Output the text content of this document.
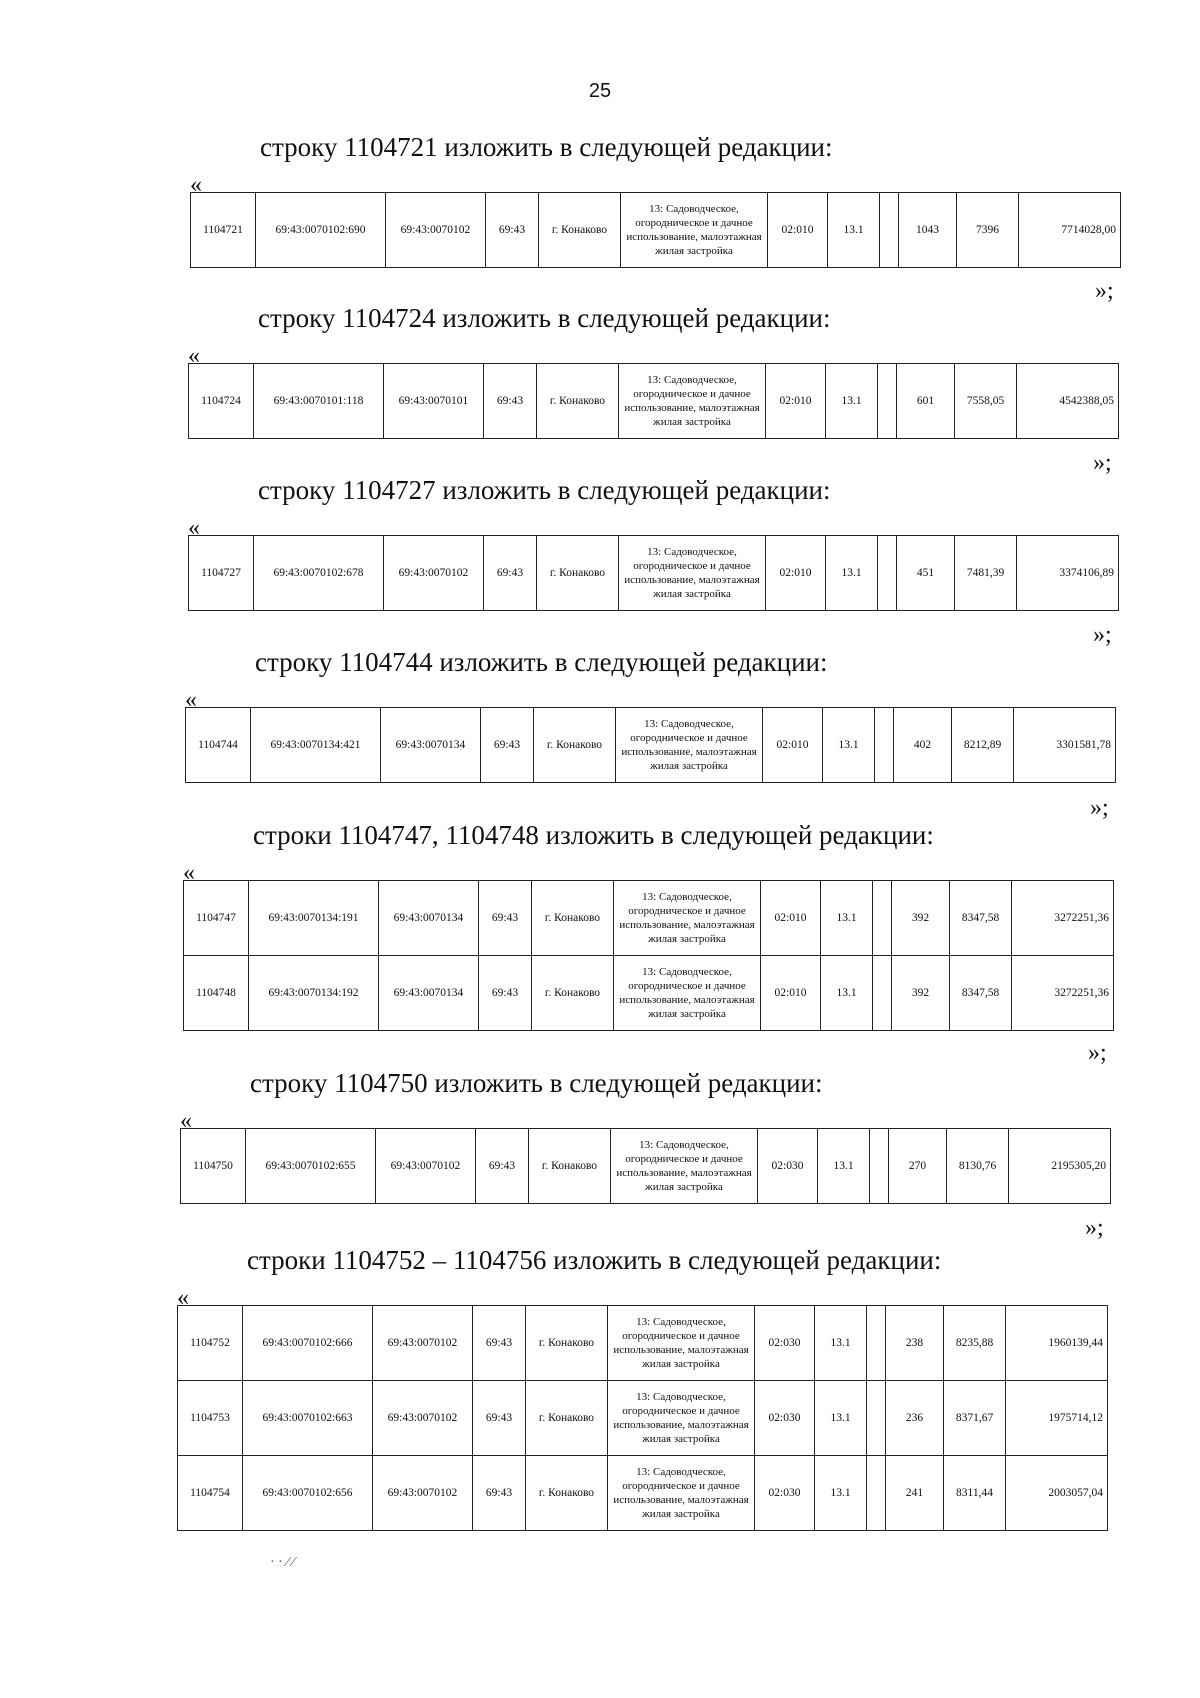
25
строку 1104721 изложить в следующей редакции:
«
1104721	69:43:0070102:690	69:43:0070102	69:43	г. Конаково	13: Садоводческое, огородническое и дачное использование, малоэтажная жилая застройка	02:010	13.1		1043	7396	7714028,00
»;
строку 1104724 изложить в следующей редакции:
«
1104724	69:43:0070101:118	69:43:0070101	69:43	г. Конаково	13: Садоводческое, огородническое и дачное использование, малоэтажная жилая застройка	02:010	13.1		601	7558,05	4542388,05
»;
строку 1104727 изложить в следующей редакции:
«
1104727	69:43:0070102:678	69:43:0070102	69:43	г. Конаково	13: Садоводческое, огородническое и дачное использование, малоэтажная жилая застройка	02:010	13.1		451	7481,39	3374106,89
»;
строку 1104744 изложить в следующей редакции:
«
1104744	69:43:0070134:421	69:43:0070134	69:43	г. Конаково	13: Садоводческое, огородническое и дачное использование, малоэтажная жилая застройка	02:010	13.1		402	8212,89	3301581,78
»;
строки 1104747, 1104748 изложить в следующей редакции:
«
1104747	69:43:0070134:191	69:43:0070134	69:43	г. Конаково	13: Садоводческое, огородническое и дачное использование, малоэтажная жилая застройка	02:010	13.1		392	8347,58	3272251,36
1104748	69:43:0070134:192	69:43:0070134	69:43	г. Конаково	13: Садоводческое, огородническое и дачное использование, малоэтажная жилая застройка	02:010	13.1		392	8347,58	3272251,36
»;
строку 1104750 изложить в следующей редакции:
«
1104750	69:43:0070102:655	69:43:0070102	69:43	г. Конаково	13: Садоводческое, огородническое и дачное использование, малоэтажная жилая застройка	02:030	13.1		270	8130,76	2195305,20
»;
строки 1104752 – 1104756 изложить в следующей редакции:
«
1104752	69:43:0070102:666	69:43:0070102	69:43	г. Конаково	13: Садоводческое, огородническое и дачное использование, малоэтажная жилая застройка	02:030	13.1		238	8235,88	1960139,44
1104753	69:43:0070102:663	69:43:0070102	69:43	г. Конаково	13: Садоводческое, огородническое и дачное использование, малоэтажная жилая застройка	02:030	13.1		236	8371,67	1975714,12
1104754	69:43:0070102:656	69:43:0070102	69:43	г. Конаково	13: Садоводческое, огородническое и дачное использование, малоэтажная жилая застройка	02:030	13.1		241	8311,44	2003057,04
· · ⁄ ⁄
